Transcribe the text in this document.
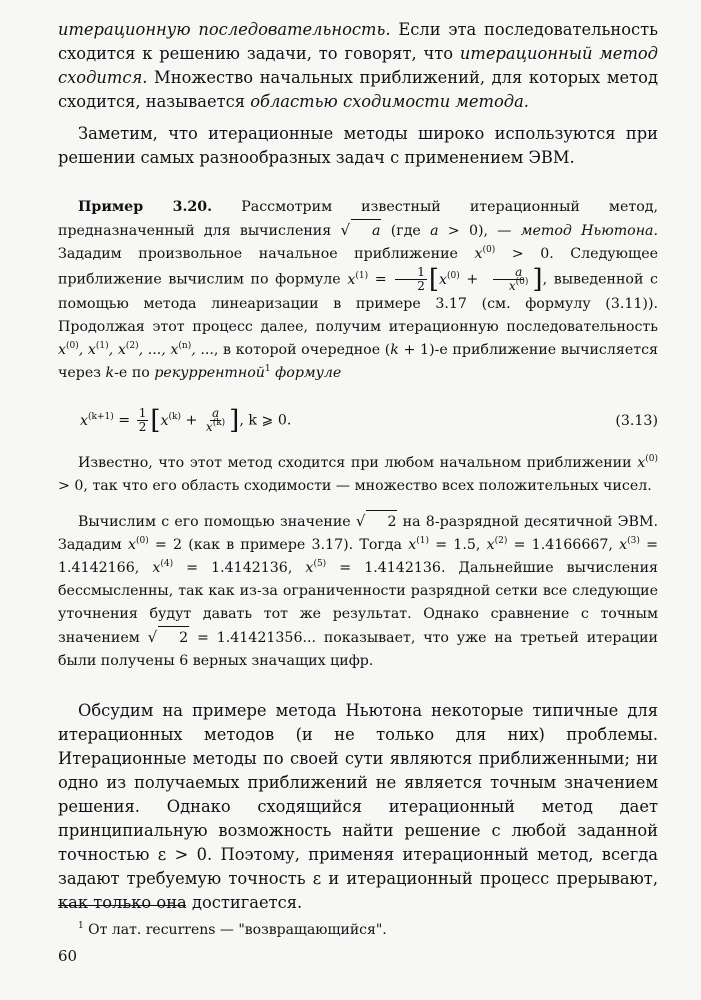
итерационную последовательность. Если эта последовательность сходится к решению задачи, то говорят, что итерационный метод сходится. Множество начальных приближений, для которых метод сходится, называется областью сходимости метода.

Заметим, что итерационные методы широко используются при решении самых разнообразных задач с применением ЭВМ.

Пример 3.20. Рассмотрим известный итерационный метод, предназначенный для вычисления √ a (где a > 0), — метод Ньютона. Зададим произвольное начальное приближение $x^{(0)} > 0$. Следующее приближение вычислим по формуле $x^{(1)} = \frac{1}{2} [x^{(0)} + \frac{a}{x^{(0)}}$ ], выведенной с помощью метода линеаризации в примере 3.17 (см. формулу (3.11)). Продолжая этот процесс далее, получим итерационную последовательность $x^{(0)}$, $x^{(1)}$, $x^{(2)}$, ..., $x^{(n)}$, ..., в которой очередное (k + 1)-е приближение вычисляется через k-е по рекуррентной$^1$ формуле

$x^{(k+1)} = \frac{1}{2} [x^{(k)} + \frac{a}{x^{(k)}}$ ], k ⩾ 0.	(3.13)

Известно, что этот метод сходится при любом начальном приближении $x^{(0)} > 0$, так что его область сходимости — множество всех положительных чисел.

Вычислим с его помощью значение √ 2 на 8-разрядной десятичной ЭВМ. Зададим $x^{(0)} = 2$ (как в примере 3.17). Тогда $x^{(1)} = 1.5$, $x^{(2)} = 1.4166667$, $x^{(3)} = 1.4142166$, $x^{(4)} = 1.4142136$, $x^{(5)} = 1.4142136$. Дальнейшие вычисления бессмысленны, так как из-за ограниченности разрядной сетки все следующие уточнения будут давать тот же результат. Однако сравнение с точным значением √ 2 = 1.41421356... показывает, что уже на третьей итерации были получены 6 верных значащих цифр.

Обсудим на примере метода Ньютона некоторые типичные для итерационных методов (и не только для них) проблемы. Итерационные методы по своей сути являются приближенными; ни одно из получаемых приближений не является точным значением решения. Однако сходящийся итерационный метод дает принципиальную возможность найти решение с любой заданной точностью ε > 0. Поэтому, применяя итерационный метод, всегда задают требуемую точность ε и итерационный процесс прерывают, как только она достигается.

$^1$ От лат. recurrens — "возвращающийся".
60
